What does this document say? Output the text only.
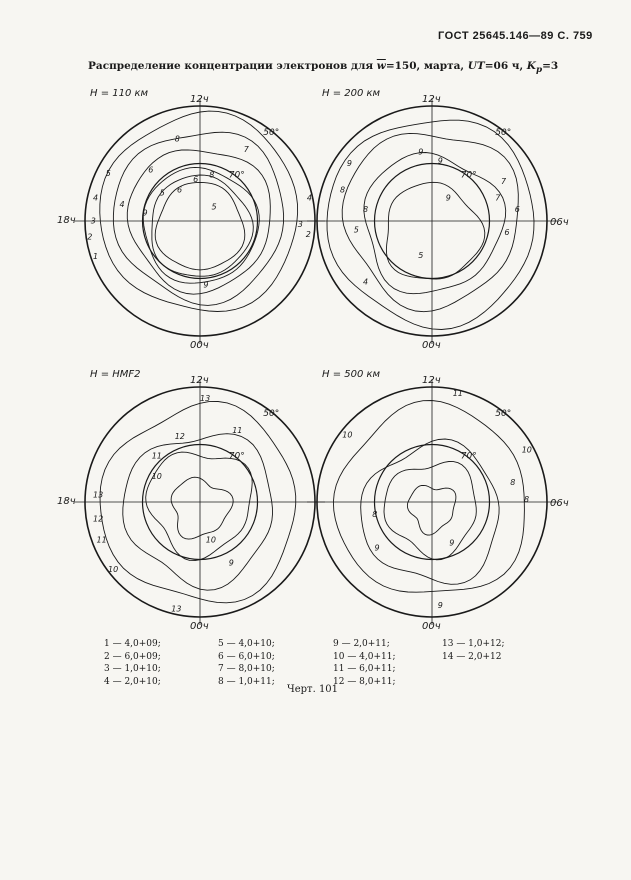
ГОСТ 25645.146—89 С. 759
Распределение концентрации электронов для $\overline{w}=150$, марта, UT=06 ч, $K_p=3$
H = 110 км
12ч
00ч
18ч
50°
70°
8
7
6
6
5
5
4	4
3	3
2	2
1
9
9
6
5
8
4
H = 200 км
12ч
00ч
06ч
50°
70°
9
9
9
8
8
7
7
6
6
5
4
5
9
H = HMF2
12ч
00ч
18ч
50°
70°
13
12
11
11
10
10
13
12
11
10
9
13
H = 500 км
12ч
00ч
06ч
50°
70°
11
10
10
8
8
8
9
9
9
1 — 4,0+09;
2 — 6,0+09;
3 — 1,0+10;
4 — 2,0+10;
5 — 4,0+10;
6 — 6,0+10;
7 — 8,0+10;
8 — 1,0+11;
9 — 2,0+11;
10 — 4,0+11;
11 — 6,0+11;
12 — 8,0+11;
13 — 1,0+12;
14 — 2,0+12
Черт. 101
